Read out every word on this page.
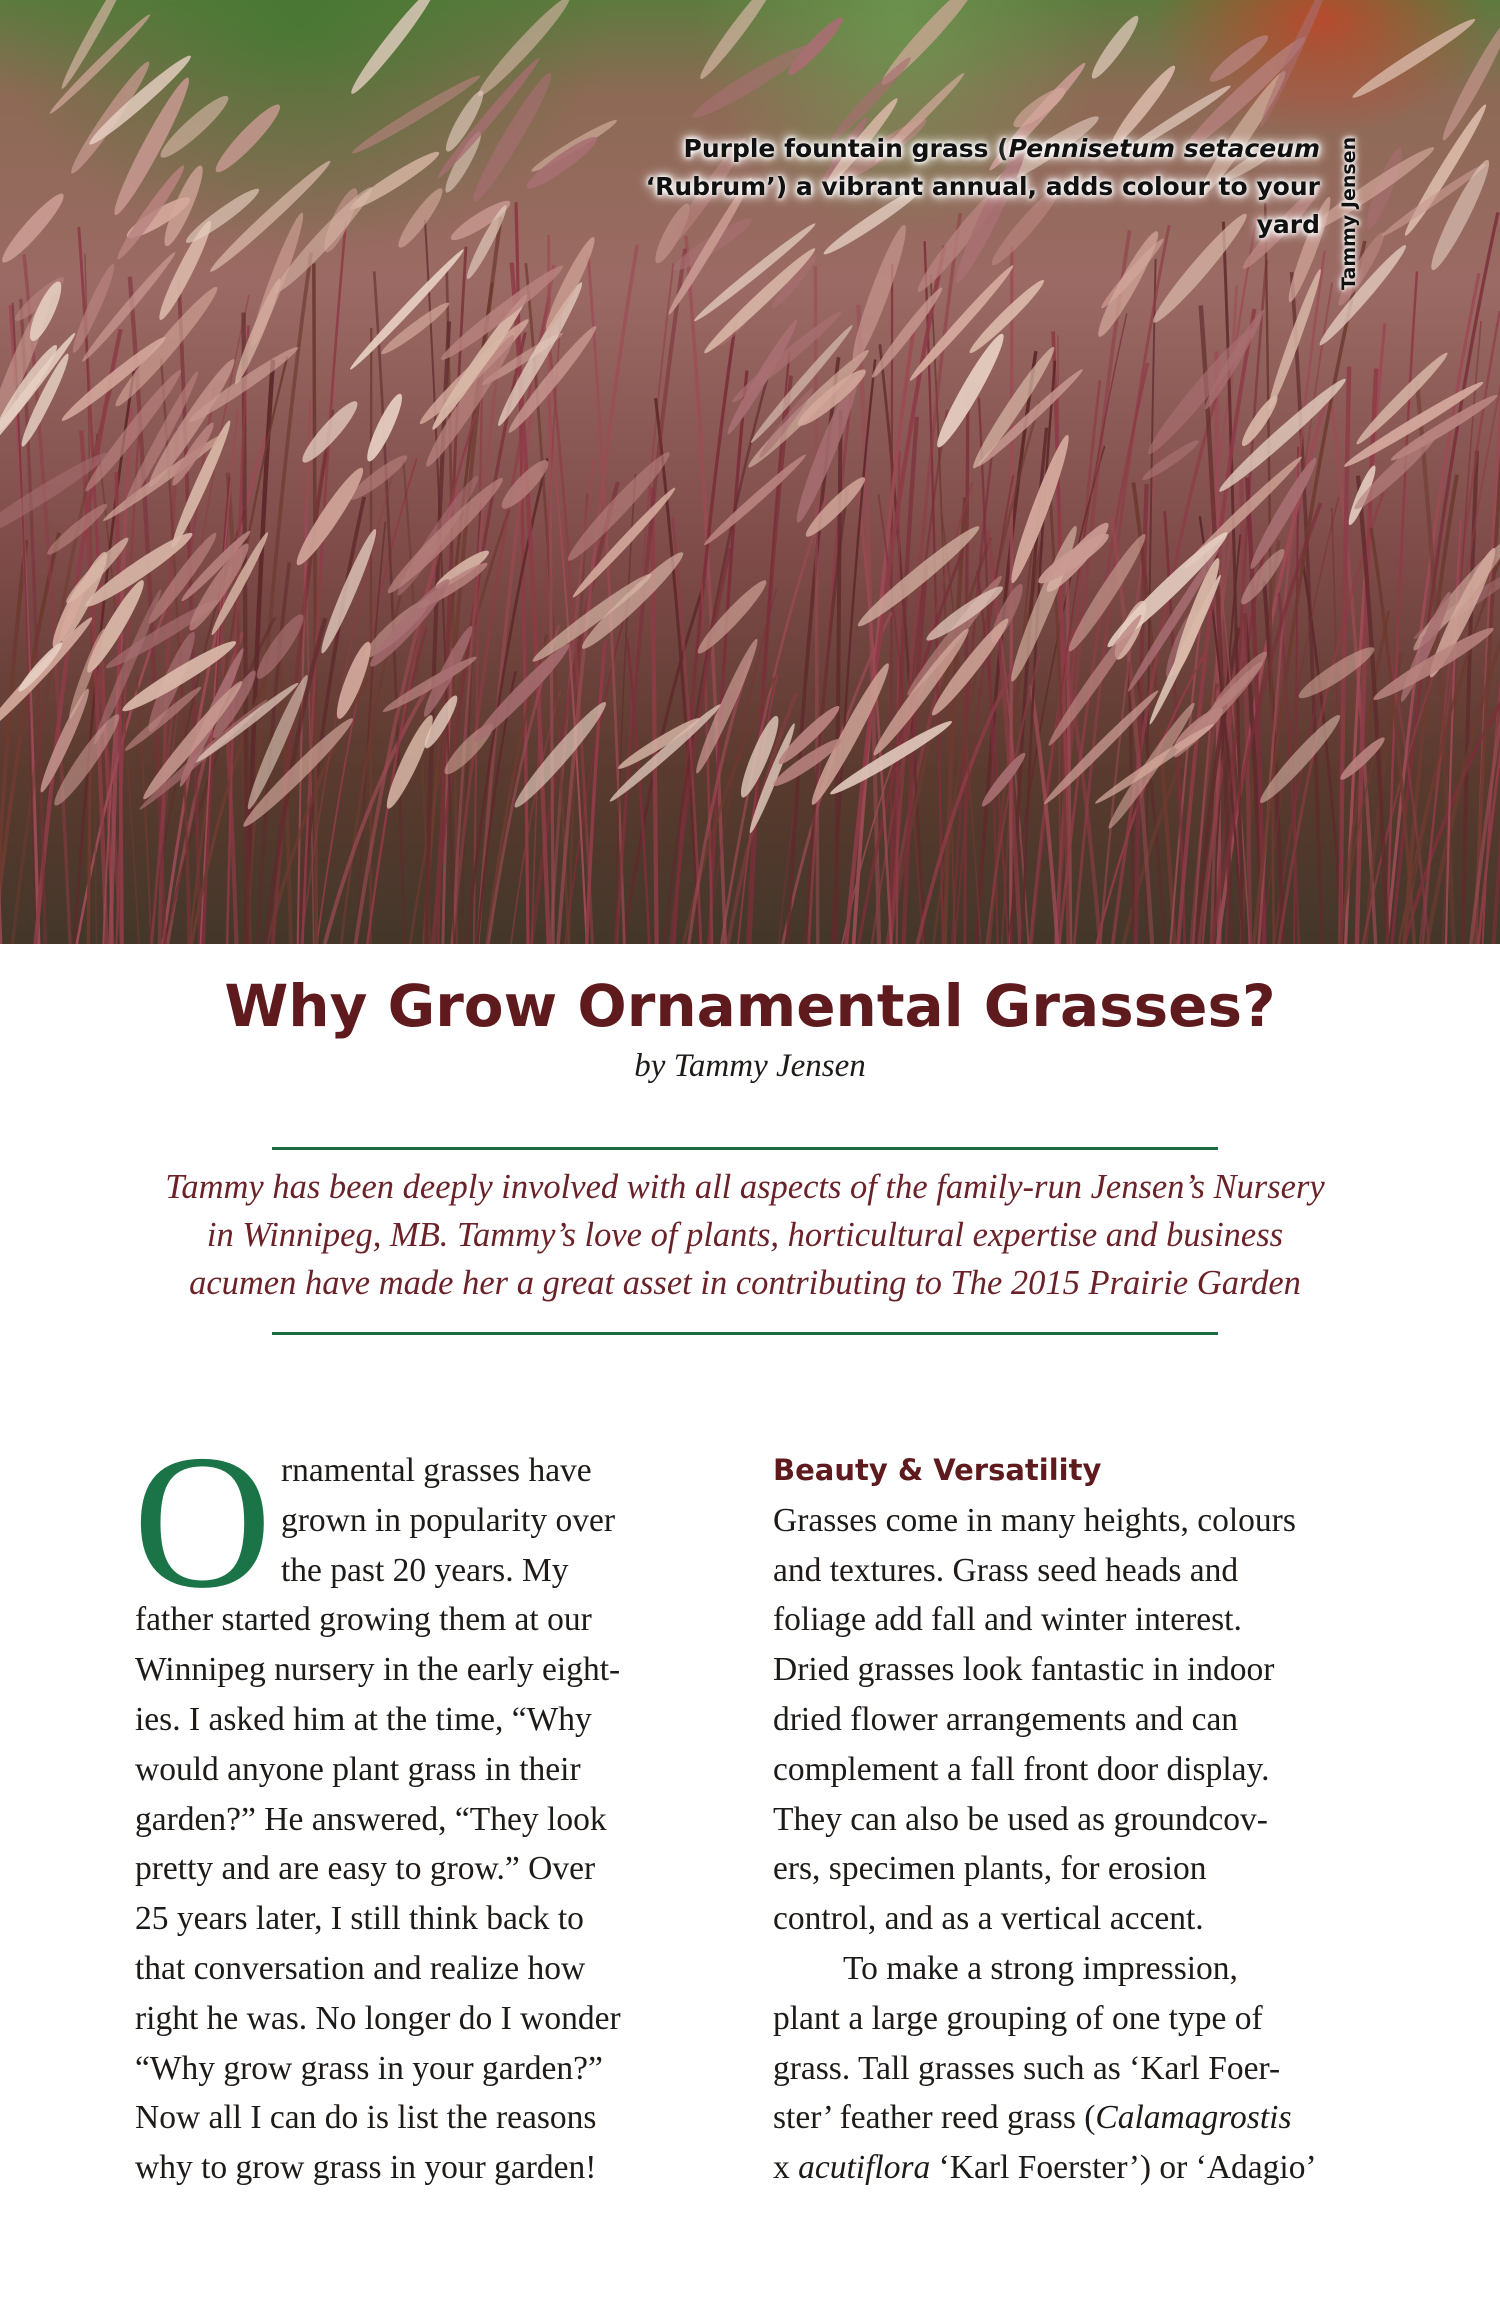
Purple fountain grass (Pennisetum setaceum
‘Rubrum’) a vibrant annual, adds colour to your yard Tammy Jensen
Why Grow Ornamental Grasses?
by Tammy Jensen
Tammy has been deeply involved with all aspects of the family-run Jensen’s Nursery
in Winnipeg, MB. Tammy’s love of plants, horticultural expertise and business
acumen have made her a great asset in contributing to The 2015 Prairie Garden
O rnamental grasses have
grown in popularity over
the past 20 years. My
father started growing them at our
Winnipeg nursery in the early eight-
ies. I asked him at the time, “Why
would anyone plant grass in their
garden?” He answered, “They look
pretty and are easy to grow.” Over
25 years later, I still think back to
that conversation and realize how
right he was. No longer do I wonder
“Why grow grass in your garden?”
Now all I can do is list the reasons
why to grow grass in your garden!
Beauty & Versatility
Grasses come in many heights, colours
and textures. Grass seed heads and
foliage add fall and winter interest.
Dried grasses look fantastic in indoor
dried flower arrangements and can
complement a fall front door display.
They can also be used as groundcov-
ers, specimen plants, for erosion
control, and as a vertical accent.
To make a strong impression,
plant a large grouping of one type of
grass. Tall grasses such as ‘Karl Foer-
ster’ feather reed grass (Calamagrostis
x acutiflora ‘Karl Foerster’) or ‘Adagio’
